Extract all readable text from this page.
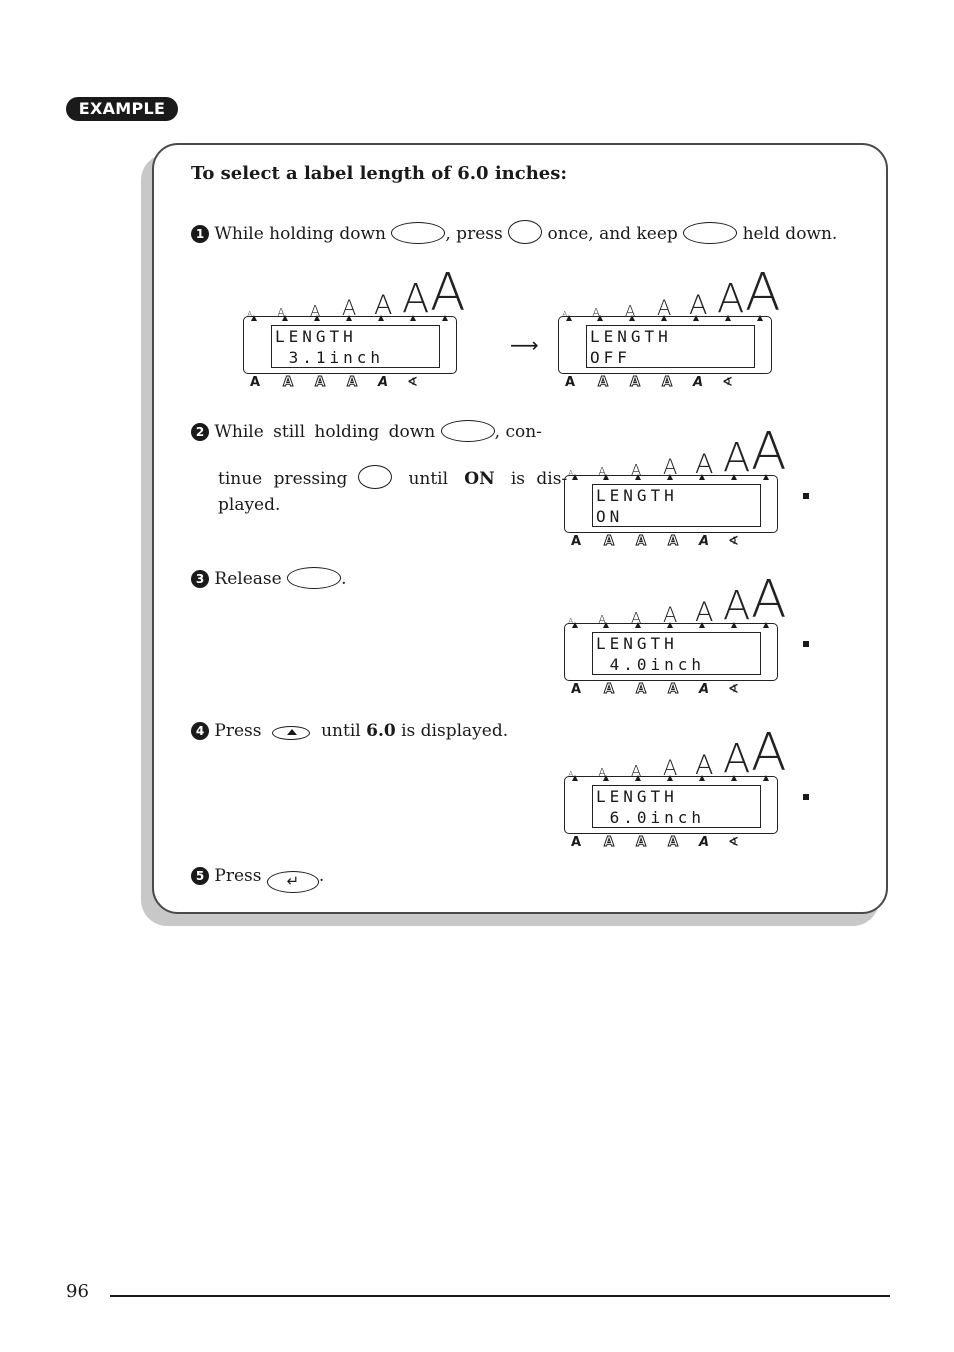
EXAMPLE
To select a label length of 6.0 inches:
1 While holding down	, press	once, and keep	held down.
⟶
2 While still holding down	, con-
tinue pressing	until ON is dis-
played.
3 Release	.
4 Press	until 6.0 is displayed.
5 Press ↵ .
A A A A A A A
LENGTH
3.1inch
A A A A A ∢
A A A A A A A
LENGTH
OFF
A A A A A ∢
A A A A A A A
LENGTH
ON
A A A A A ∢
A A A A A A A
LENGTH
4.0inch
A A A A A ∢
A A A A A A A
LENGTH
6.0inch
A A A A A ∢
96
